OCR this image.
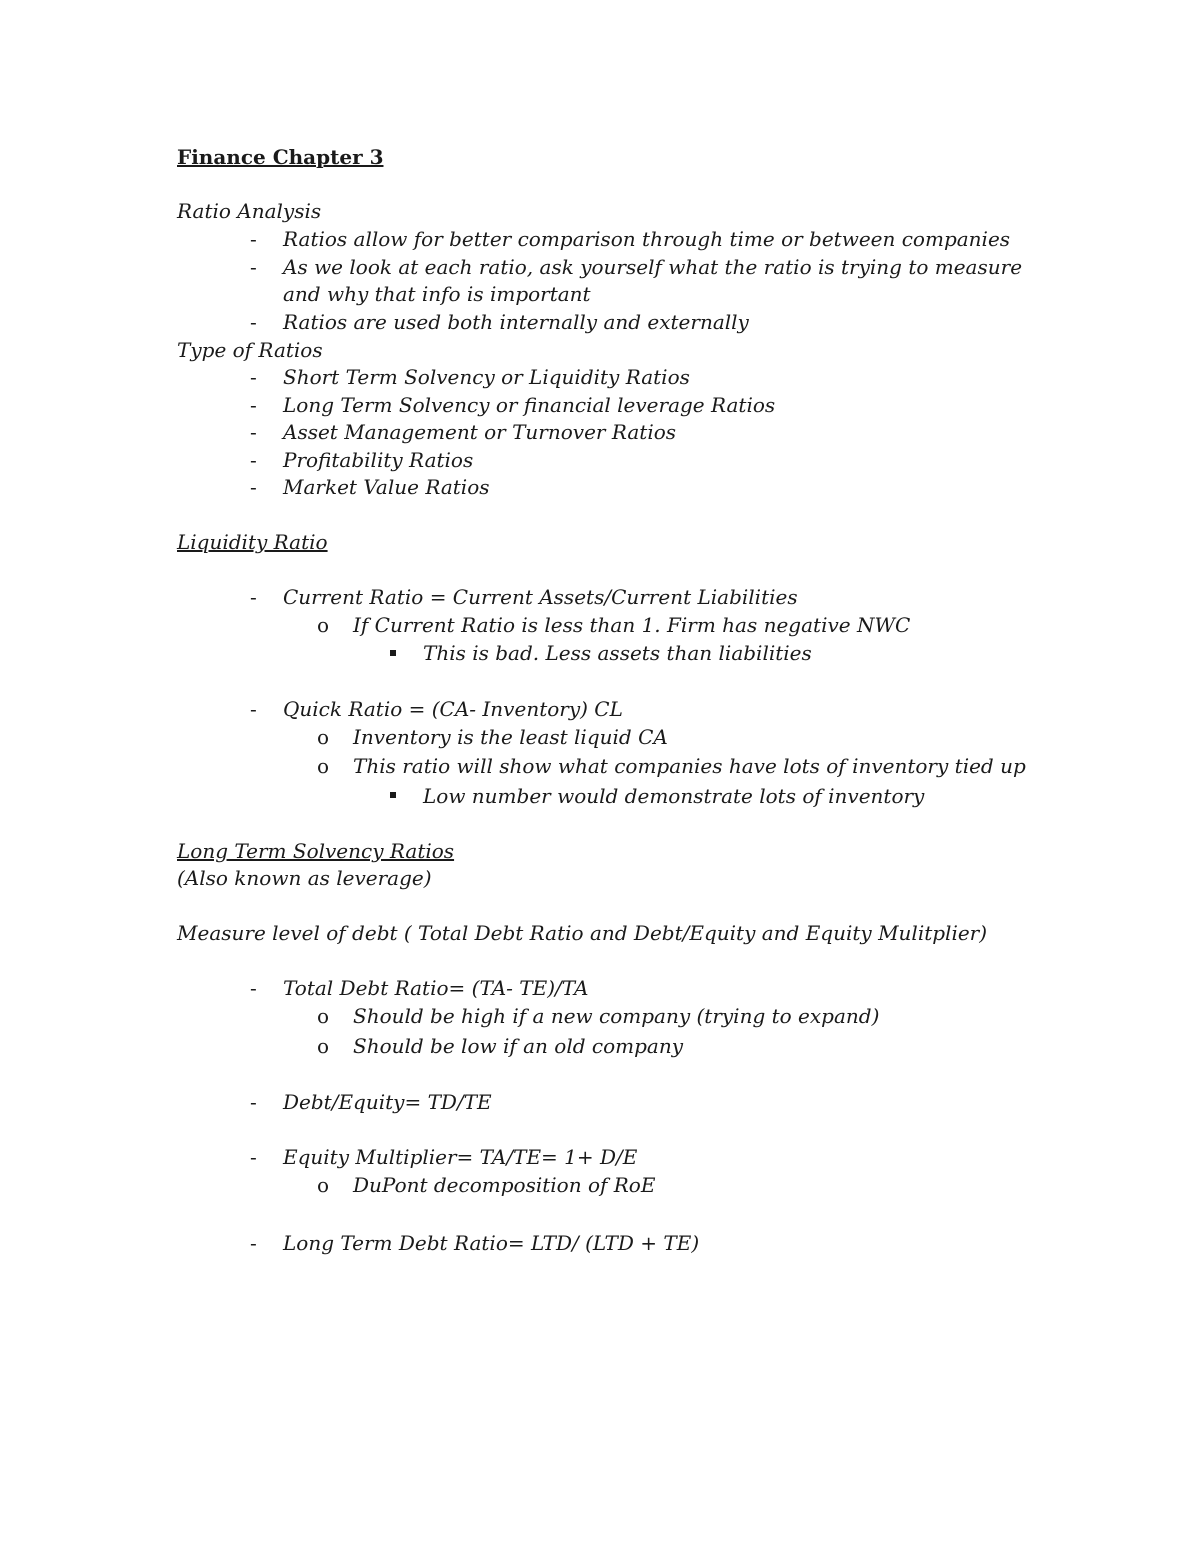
Finance Chapter 3
Ratio Analysis
- Ratios allow for better comparison through time or between companies
- As we look at each ratio, ask yourself what the ratio is trying to measure
and why that info is important
- Ratios are used both internally and externally
Type of Ratios
- Short Term Solvency or Liquidity Ratios
- Long Term Solvency or financial leverage Ratios
- Asset Management or Turnover Ratios
- Profitability Ratios
- Market Value Ratios
Liquidity Ratio
- Current Ratio = Current Assets/Current Liabilities
o If Current Ratio is less than 1. Firm has negative NWC
This is bad. Less assets than liabilities
- Quick Ratio = (CA- Inventory) CL
o Inventory is the least liquid CA
o This ratio will show what companies have lots of inventory tied up
Low number would demonstrate lots of inventory
Long Term Solvency Ratios
(Also known as leverage)
Measure level of debt ( Total Debt Ratio and Debt/Equity and Equity Mulitplier)
- Total Debt Ratio= (TA- TE)/TA
o Should be high if a new company (trying to expand)
o Should be low if an old company
- Debt/Equity= TD/TE
- Equity Multiplier= TA/TE= 1+ D/E
o DuPont decomposition of RoE
- Long Term Debt Ratio= LTD/ (LTD + TE)
